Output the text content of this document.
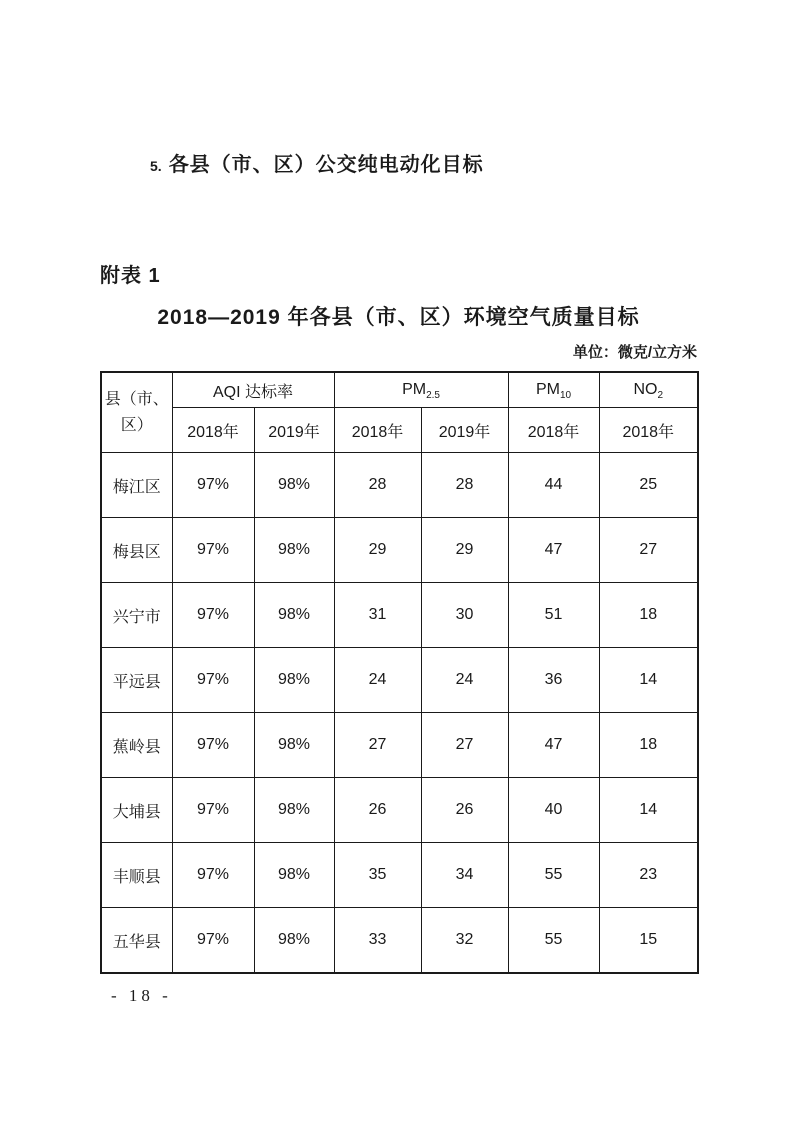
5. 各县（市、区）公交纯电动化目标
附表 1
2018—2019 年各县（市、区）环境空气质量目标
单位：微克/立方米
县（市、区）	AQI 达标率		$PM_{2.5}$		$PM_{10}$	$NO_2$
	2018年	2019年	2018年	2019年	2018年	2018年
梅江区	97%	98%	28	28	44	25
梅县区	97%	98%	29	29	47	27
兴宁市	97%	98%	31	30	51	18
平远县	97%	98%	24	24	36	14
蕉岭县	97%	98%	27	27	47	18
大埔县	97%	98%	26	26	40	14
丰顺县	97%	98%	35	34	55	23
五华县	97%	98%	33	32	55	15
- 18 -
